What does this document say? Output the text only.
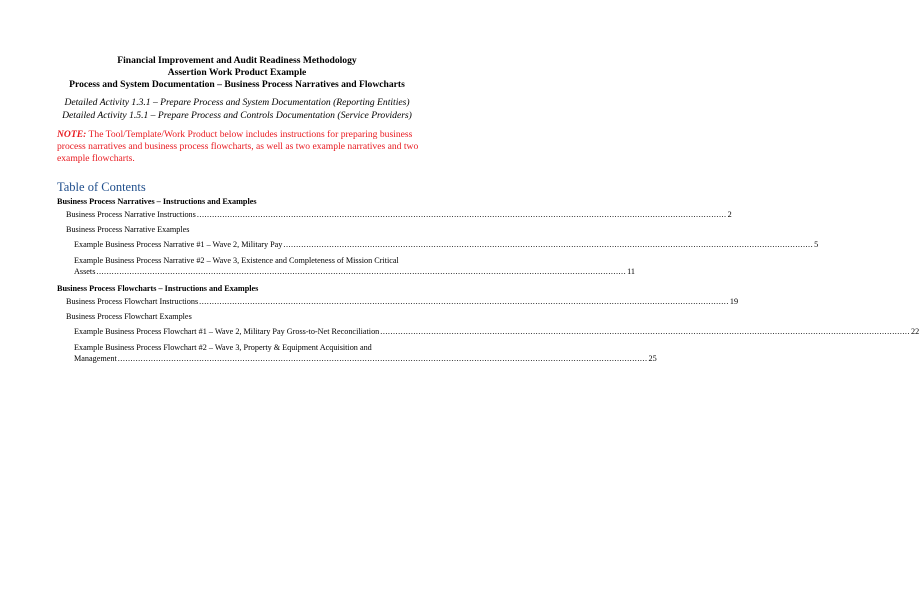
Financial Improvement and Audit Readiness Methodology
Assertion Work Product Example
Process and System Documentation – Business Process Narratives and Flowcharts
Detailed Activity 1.3.1 – Prepare Process and System Documentation (Reporting Entities)
Detailed Activity 1.5.1 – Prepare Process and Controls Documentation (Service Providers)
NOTE: The Tool/Template/Work Product below includes instructions for preparing business process narratives and business process flowcharts, as well as two example narratives and two example flowcharts.
Table of Contents
Business Process Narratives – Instructions and Examples
Business Process Narrative Instructions .....	2
Business Process Narrative Examples
Example Business Process Narrative #1 – Wave 2, Military Pay .....	5
Example Business Process Narrative #2 – Wave 3, Existence and Completeness of Mission Critical
Assets ................................................................................................................................................................................................................ 11
Business Process Flowcharts – Instructions and Examples
Business Process Flowchart Instructions .....	19
Business Process Flowchart Examples
Example Business Process Flowchart #1 – Wave 2, Military Pay Gross-to-Net Reconciliation .....	22
Example Business Process Flowchart #2 – Wave 3, Property & Equipment Acquisition and
Management ................................................................................................................................................................................................................ 25
